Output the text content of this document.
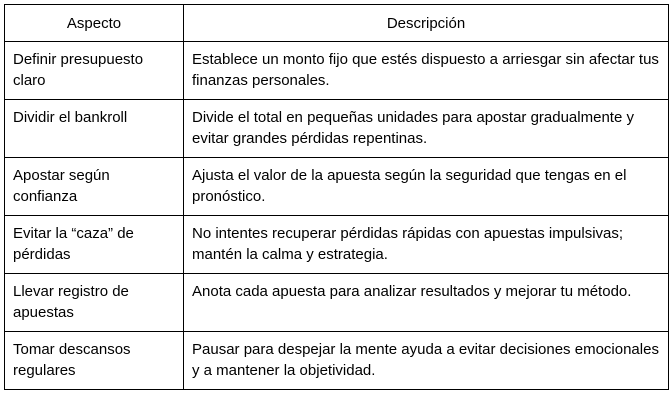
Aspecto	Descripción
Definir presupuesto claro	Establece un monto fijo que estés dispuesto a arriesgar sin afectar tus finanzas personales.
Dividir el bankroll	Divide el total en pequeñas unidades para apostar gradualmente y evitar grandes pérdidas repentinas.
Apostar según confianza	Ajusta el valor de la apuesta según la seguridad que tengas en el pronóstico.
Evitar la “caza” de pérdidas	No intentes recuperar pérdidas rápidas con apuestas impulsivas; mantén la calma y estrategia.
Llevar registro de apuestas	Anota cada apuesta para analizar resultados y mejorar tu método.
Tomar descansos regulares	Pausar para despejar la mente ayuda a evitar decisiones emocionales y a mantener la objetividad.
